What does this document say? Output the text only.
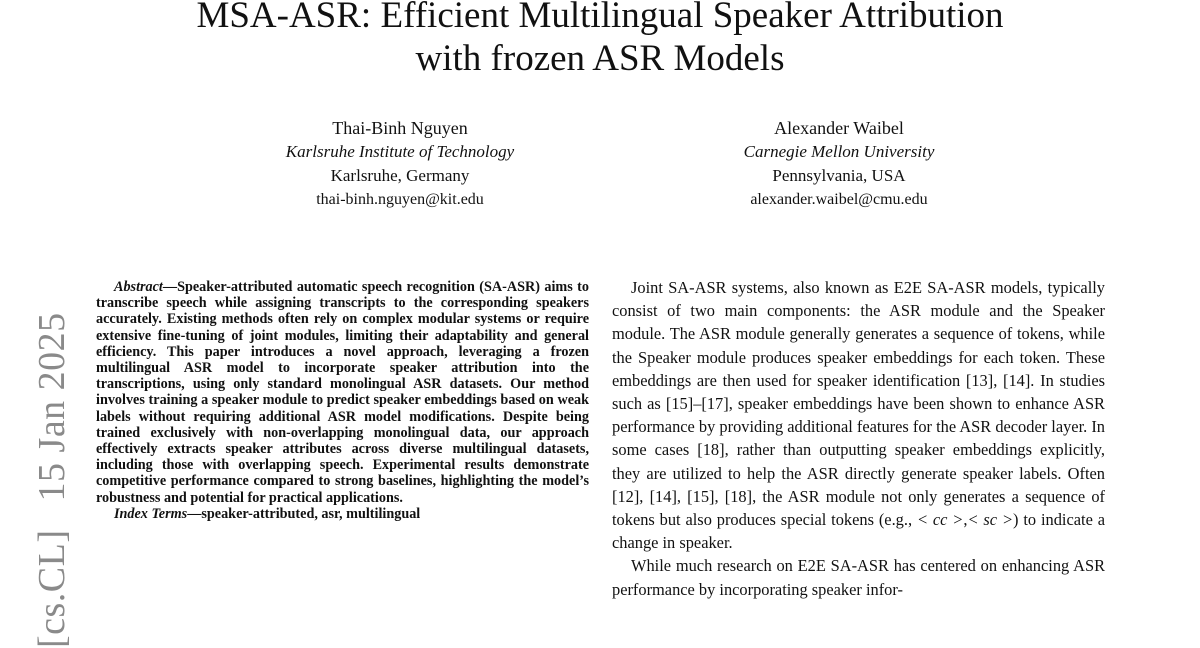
MSA-ASR: Efficient Multilingual Speaker Attribution
with frozen ASR Models
Thai-Binh Nguyen
Karlsruhe Institute of Technology
Karlsruhe, Germany
thai-binh.nguyen@kit.edu
Alexander Waibel
Carnegie Mellon University
Pennsylvania, USA
alexander.waibel@cmu.edu
[cs.CL]15 Jan 2025

Abstract—Speaker-attributed automatic speech recognition (SA-ASR) aims to transcribe speech while assigning transcripts to the corresponding speakers accurately. Existing methods often rely on complex modular systems or require extensive fine-tuning of joint modules, limiting their adaptability and general efficiency. This paper introduces a novel approach, leveraging a frozen multilingual ASR model to incorporate speaker attribution into the transcriptions, using only standard monolingual ASR datasets. Our method involves training a speaker module to predict speaker embeddings based on weak labels without requiring additional ASR model modifications. Despite being trained exclusively with non-overlapping monolingual data, our approach effectively extracts speaker attributes across diverse multilingual datasets, including those with overlapping speech. Experimental results demonstrate competitive performance compared to strong baselines, highlighting the model’s robustness and potential for practical applications.

Index Terms—speaker-attributed, asr, multilingual

Joint SA-ASR systems, also known as E2E SA-ASR models, typically consist of two main components: the ASR module and the Speaker module. The ASR module generally generates a sequence of tokens, while the Speaker module produces speaker embeddings for each token. These embeddings are then used for speaker identification [13], [14]. In studies such as [15]–[17], speaker embeddings have been shown to enhance ASR performance by providing additional features for the ASR decoder layer. In some cases [18], rather than outputting speaker embeddings explicitly, they are utilized to help the ASR directly generate speaker labels. Often [12], [14], [15], [18], the ASR module not only generates a sequence of tokens but also produces special tokens (e.g., < cc >,< sc >) to indicate a change in speaker.

While much research on E2E SA-ASR has centered on enhancing ASR performance by incorporating speaker infor-
